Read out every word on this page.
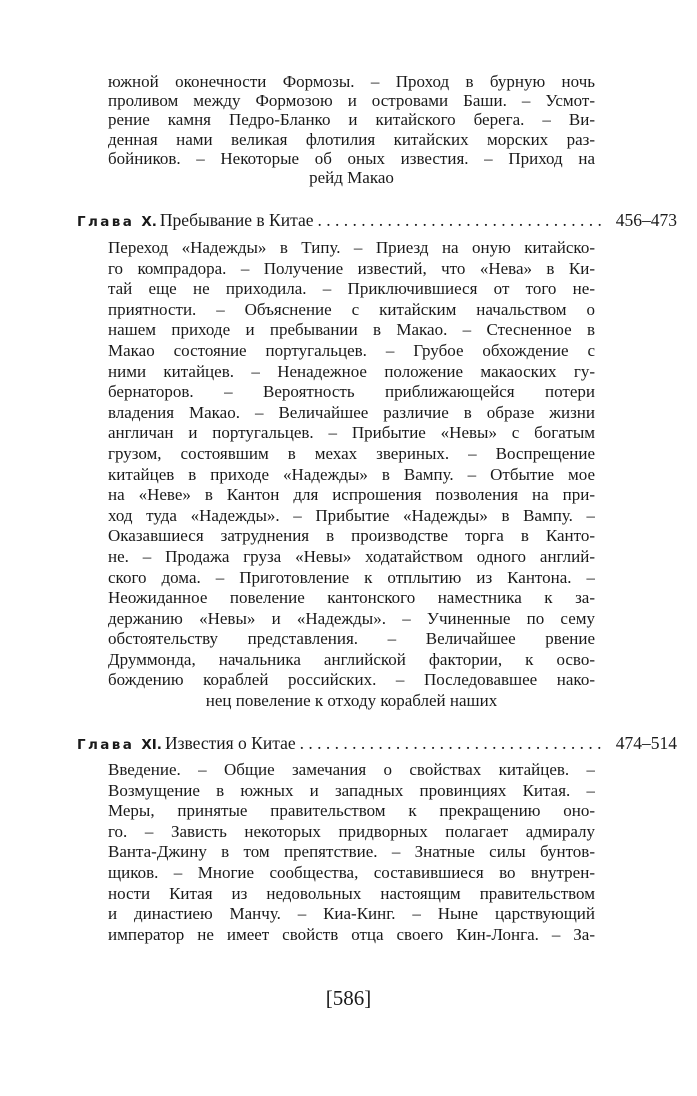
южной оконечности Формозы. – Проход в бурную ночь
проливом между Формозою и островами Баши. – Усмот-
рение камня Педро-Бланко и китайского берега. – Ви-
денная нами великая флотилия китайских морских раз-
бойников. – Некоторые об оных известия. – Приход на
рейд Макао
Глава X. Пребывание в Китае . . .	456–473
Переход «Надежды» в Типу. – Приезд на оную китайско-
го компрадора. – Получение известий, что «Нева» в Ки-
тай еще не приходила. – Приключившиеся от того не-
приятности. – Объяснение с китайским начальством о
нашем приходе и пребывании в Макао. – Стесненное в
Макао состояние португальцев. – Грубое обхождение с
ними китайцев. – Ненадежное положение макаоских гу-
бернаторов. – Вероятность приближающейся потери
владения Макао. – Величайшее различие в образе жизни
англичан и португальцев. – Прибытие «Невы» с богатым
грузом, состоявшим в мехах звериных. – Воспрещение
китайцев в приходе «Надежды» в Вампу. – Отбытие мое
на «Неве» в Кантон для испрошения позволения на при-
ход туда «Надежды». – Прибытие «Надежды» в Вампу. –
Оказавшиеся затруднения в производстве торга в Канто-
не. – Продажа груза «Невы» ходатайством одного англий-
ского дома. – Приготовление к отплытию из Кантона. –
Неожиданное повеление кантонского наместника к за-
держанию «Невы» и «Надежды». – Учиненные по сему
обстоятельству представления. – Величайшее рвение
Друммонда, начальника английской фактории, к осво-
бождению кораблей российских. – Последовавшее нако-
нец повеление к отходу кораблей наших
Глава XI. Известия о Китае . . .	474–514
Введение. – Общие замечания о свойствах китайцев. –
Возмущение в южных и западных провинциях Китая. –
Меры, принятые правительством к прекращению оно-
го. – Зависть некоторых придворных полагает адмиралу
Ванта-Джину в том препятствие. – Знатные силы бунтов-
щиков. – Многие сообщества, составившиеся во внутрен-
ности Китая из недовольных настоящим правительством
и династиею Манчу. – Киа-Кинг. – Ныне царствующий
император не имеет свойств отца своего Кин-Лонга. – За-
[586]
